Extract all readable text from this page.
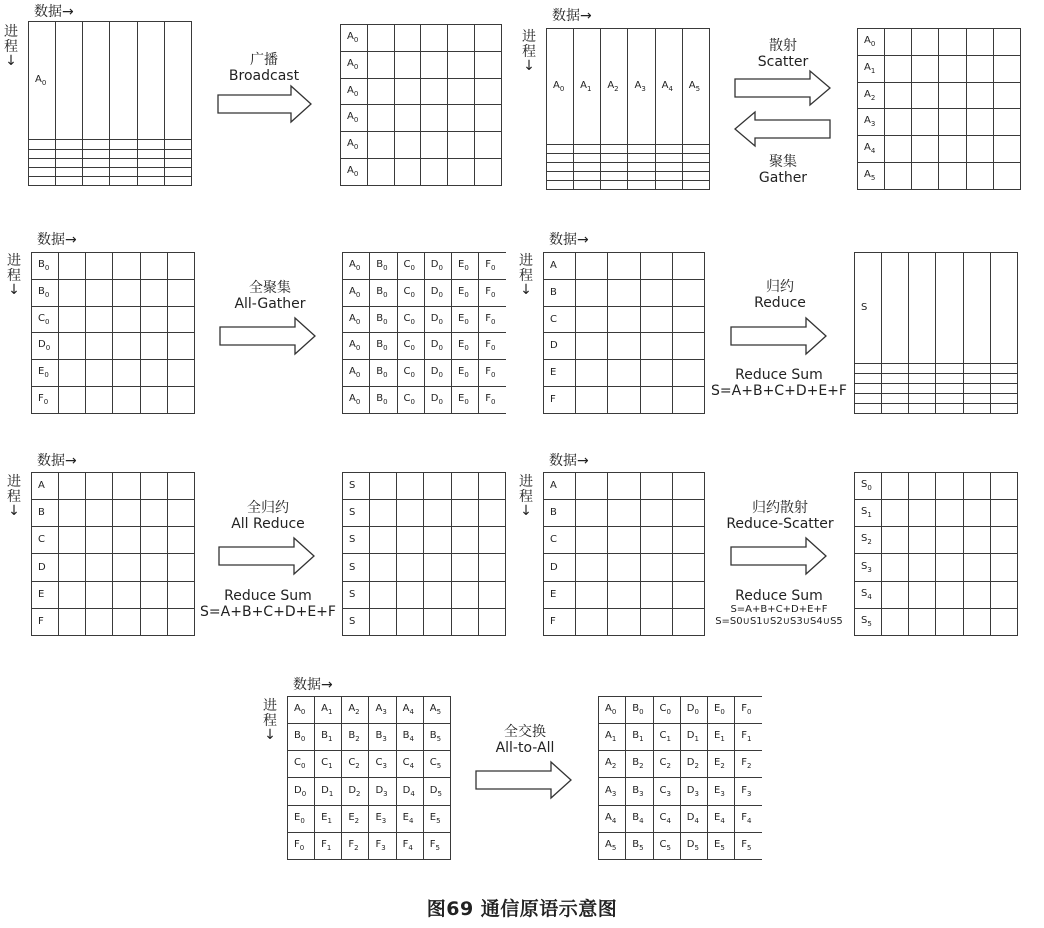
数据→
进
程
↓
$A_0$					

广播
Broadcast
$A_0$					
$A_0$					
$A_0$					
$A_0$					
$A_0$					
$A_0$					
数据→
进
程
↓
$A_0$	$A_1$	$A_2$	$A_3$	$A_4$	$A_5$

散射
Scatter
聚集
Gather
$A_0$					
$A_1$					
$A_2$					
$A_3$					
$A_4$					
$A_5$					
数据→
进
程
↓
$B_0$					
$B_0$					
$C_0$					
$D_0$					
$E_0$					
$F_0$					
全聚集
All-Gather
$A_0$	$B_0$	$C_0$	$D_0$	$E_0$	$F_0$
$A_0$	$B_0$	$C_0$	$D_0$	$E_0$	$F_0$
$A_0$	$B_0$	$C_0$	$D_0$	$E_0$	$F_0$
$A_0$	$B_0$	$C_0$	$D_0$	$E_0$	$F_0$
$A_0$	$B_0$	$C_0$	$D_0$	$E_0$	$F_0$
$A_0$	$B_0$	$C_0$	$D_0$	$E_0$	$F_0$
数据→
进
程
↓
A				
B				
C				
D				
E				
F				
归约
Reduce
Reduce Sum
S=A+B+C+D+E+F
S					

数据→
进
程
↓
A					
B					
C					
D					
E					
F					
全归约
All Reduce
Reduce Sum
S=A+B+C+D+E+F
S					
S					
S					
S					
S					
S					
数据→
进
程
↓
A				
B				
C				
D				
E				
F				
归约散射
Reduce-Scatter
Reduce Sum
S=A+B+C+D+E+F
S=S0∪S1∪S2∪S3∪S4∪S5
$S_0$					
$S_1$					
$S_2$					
$S_3$					
$S_4$					
$S_5$					
数据→
进
程
↓
$A_0$	$A_1$	$A_2$	$A_3$	$A_4$	$A_5$
$B_0$	$B_1$	$B_2$	$B_3$	$B_4$	$B_5$
$C_0$	$C_1$	$C_2$	$C_3$	$C_4$	$C_5$
$D_0$	$D_1$	$D_2$	$D_3$	$D_4$	$D_5$
$E_0$	$E_1$	$E_2$	$E_3$	$E_4$	$E_5$
$F_0$	$F_1$	$F_2$	$F_3$	$F_4$	$F_5$
全交换
All-to-All
$A_0$	$B_0$	$C_0$	$D_0$	$E_0$	$F_0$
$A_1$	$B_1$	$C_1$	$D_1$	$E_1$	$F_1$
$A_2$	$B_2$	$C_2$	$D_2$	$E_2$	$F_2$
$A_3$	$B_3$	$C_3$	$D_3$	$E_3$	$F_3$
$A_4$	$B_4$	$C_4$	$D_4$	$E_4$	$F_4$
$A_5$	$B_5$	$C_5$	$D_5$	$E_5$	$F_5$
图69 通信原语示意图
